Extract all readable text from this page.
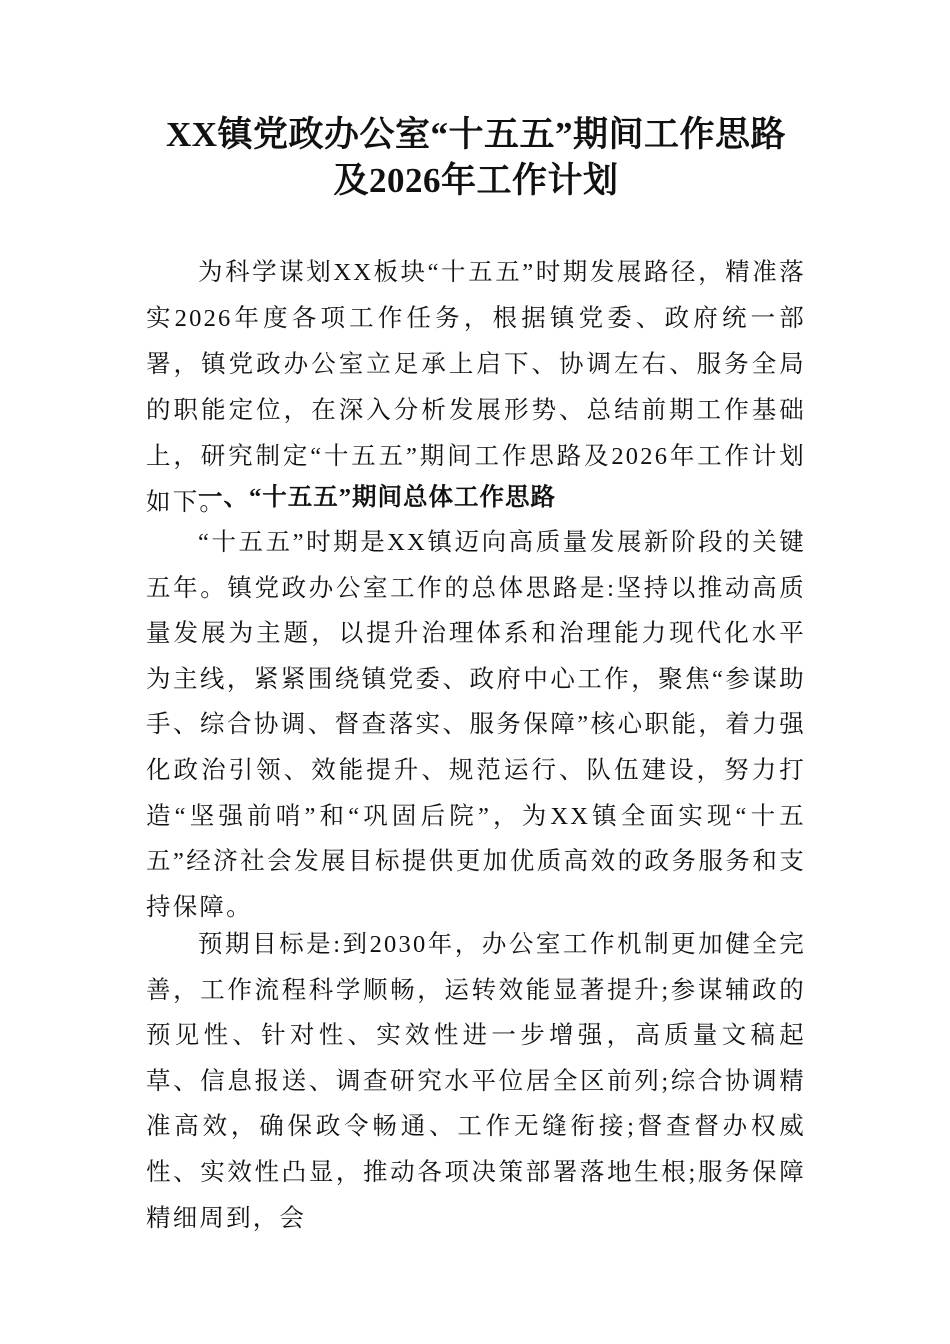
XX镇党政办公室“十五五”期间工作思路
及2026年工作计划

为科学谋划XX板块“十五五”时期发展路径，精准落实2026年度各项工作任务，根据镇党委、政府统一部署，镇党政办公室立足承上启下、协调左右、服务全局的职能定位，在深入分析发展形势、总结前期工作基础上，研究制定“十五五”期间工作思路及2026年工作计划如下。

一、“十五五”期间总体工作思路

“十五五”时期是XX镇迈向高质量发展新阶段的关键五年。镇党政办公室工作的总体思路是:坚持以推动高质量发展为主题，以提升治理体系和治理能力现代化水平为主线，紧紧围绕镇党委、政府中心工作，聚焦“参谋助手、综合协调、督查落实、服务保障”核心职能，着力强化政治引领、效能提升、规范运行、队伍建设，努力打造“坚强前哨”和“巩固后院”，为XX镇全面实现“十五五”经济社会发展目标提供更加优质高效的政务服务和支持保障。

预期目标是:到2030年，办公室工作机制更加健全完善，工作流程科学顺畅，运转效能显著提升;参谋辅政的预见性、针对性、实效性进一步增强，高质量文稿起草、信息报送、调查研究水平位居全区前列;综合协调精准高效，确保政令畅通、工作无缝衔接;督查督办权威性、实效性凸显，推动各项决策部署落地生根;服务保障精细周到，会
